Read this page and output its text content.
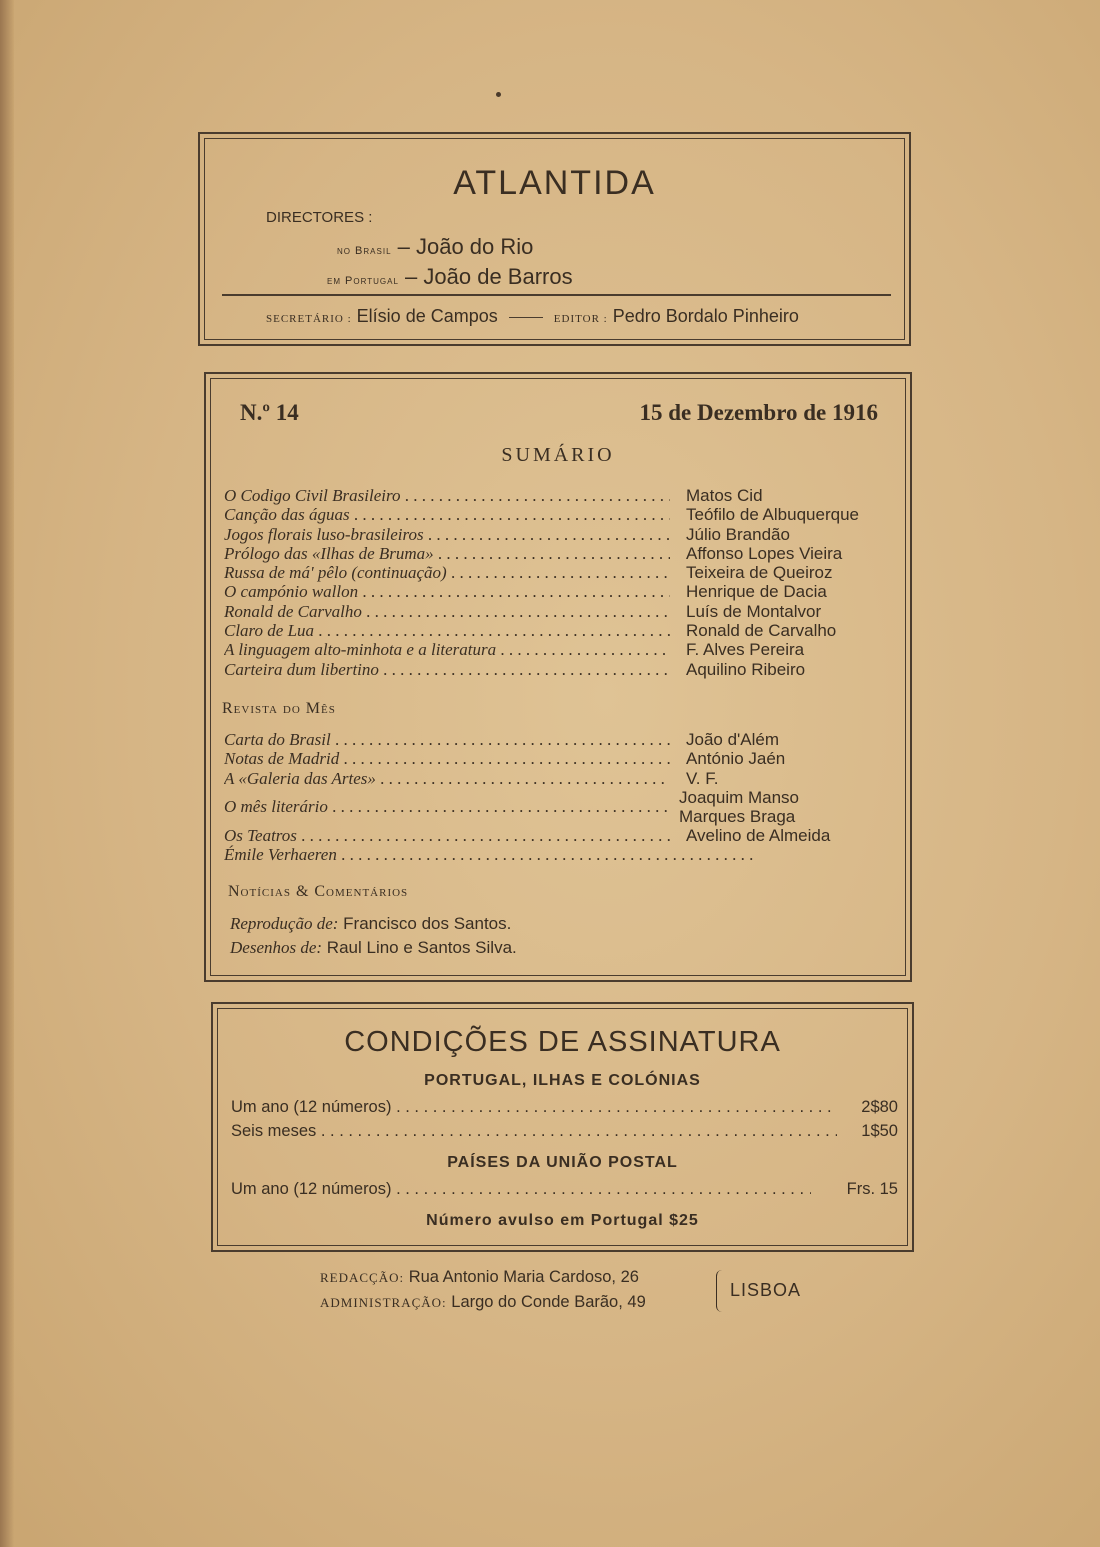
ATLANTIDA
DIRECTORES :
no Brasil – João do Rio
em Portugal – João de Barros
SECRETÁRIO : Elísio de Campos	EDITOR : Pedro Bordalo Pinheiro
N.º 14	15 de Dezembro de 1916
SUMÁRIO
O Codigo Civil Brasileiro . . .	Matos Cid
Canção das águas . . .	Teófilo de Albuquerque
Jogos florais luso-brasileiros . . .	Júlio Brandão
Prólogo das «Ilhas de Bruma» . . .	Affonso Lopes Vieira
Russa de má' pêlo (continuação) . . .	Teixeira de Queiroz
O campónio wallon . . .	Henrique de Dacia
Ronald de Carvalho . . .	Luís de Montalvor
Claro de Lua . . .	Ronald de Carvalho
A linguagem alto-minhota e a literatura . . .	F. Alves Pereira
Carteira dum libertino . . .	Aquilino Ribeiro
Revista do Mês
Carta do Brasil . . .	João d'Além
Notas de Madrid . . .	António Jaén
A «Galeria das Artes» . . .	V. F.
O mês literário . . .	Joaquim Manso
Marques Braga
Os Teatros . . .	Avelino de Almeida
Émile Verhaeren . . .
Notícias & Comentários
Reprodução de: Francisco dos Santos.
Desenhos de: Raul Lino e Santos Silva.
CONDIÇÕES DE ASSINATURA
PORTUGAL, ILHAS E COLÓNIAS
Um ano (12 números) . . .	2$80
Seis meses . . .	1$50
PAÍSES DA UNIÃO POSTAL
Um ano (12 números) . . .	Frs. 15
Número avulso em Portugal $25
REDACÇÃO: Rua Antonio Maria Cardoso, 26
ADMINISTRAÇÃO: Largo do Conde Barão, 49
LISBOA
